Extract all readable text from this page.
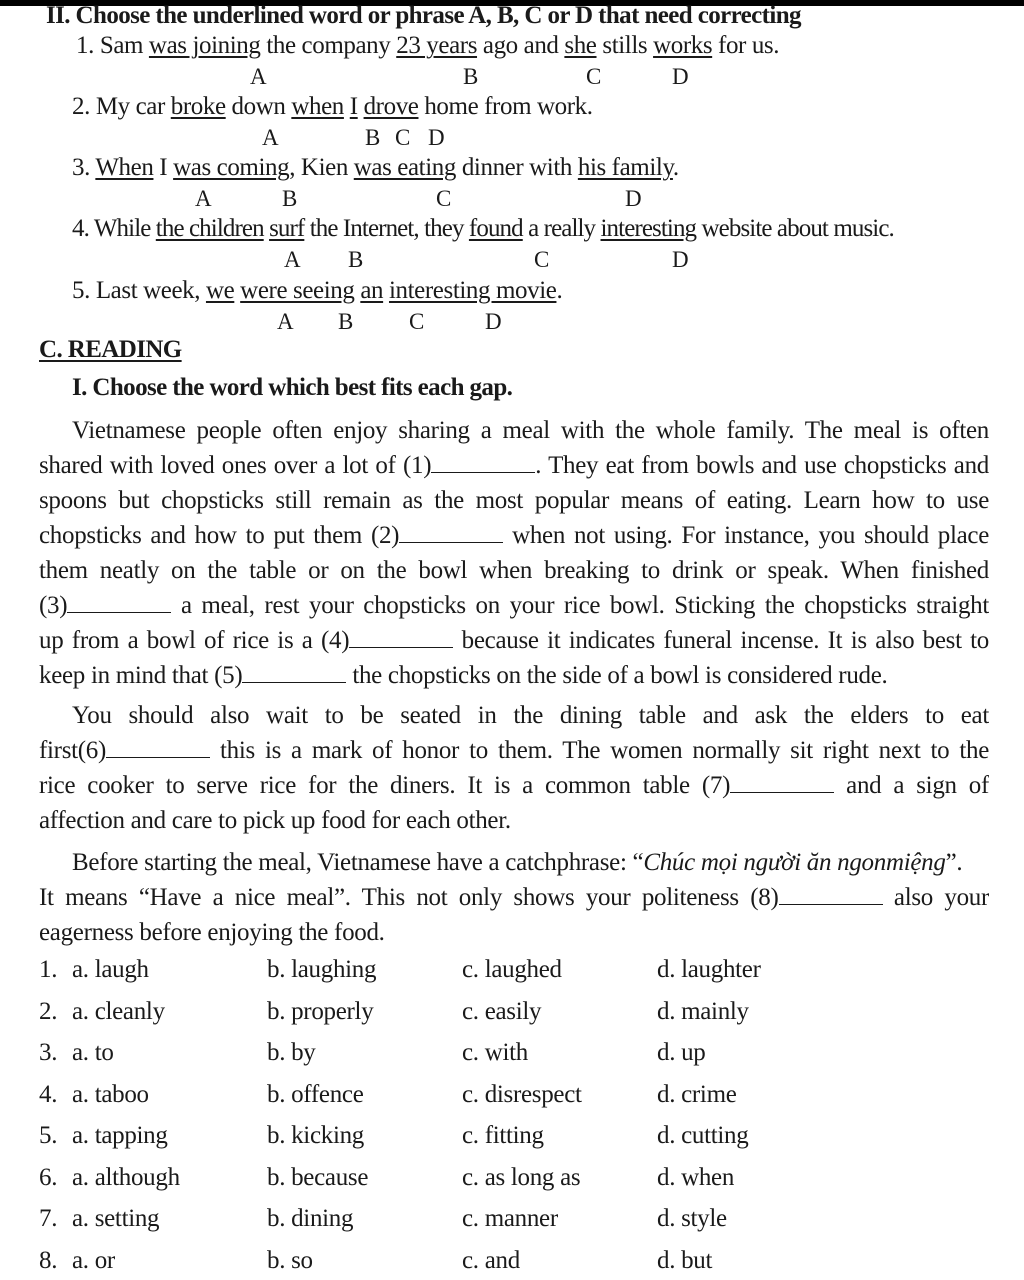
II. Choose the underlined word or phrase A, B, C or D that need correcting
1. Sam was joining the company 23 years ago and she stills works for us.
A	B	C	D
2. My car broke down when I drove home from work.
A	B C D
3. When I was coming, Kien was eating dinner with his family.
A	B	C	D
4. While the children surf the Internet, they found a really interesting website about music.
A B	C	D
5. Last week, we were seeing an interesting movie.
A B C	D
C. READING
I. Choose the word which best fits each gap.
Vietnamese people often enjoy sharing a meal with the whole family. The meal is often
shared with loved ones over a lot of (1)	. They eat from bowls and use chopsticks and
spoons but chopsticks still remain as the most popular means of eating. Learn how to use
chopsticks and how to put them (2)	when not using. For instance, you should place
them neatly on the table or on the bowl when breaking to drink or speak. When finished
(3)	a meal, rest your chopsticks on your rice bowl. Sticking the chopsticks straight
up from a bowl of rice is a (4)	because it indicates funeral incense. It is also best to
keep in mind that (5)	the chopsticks on the side of a bowl is considered rude.
You should also wait to be seated in the dining table and ask the elders to eat
first(6)	this is a mark of honor to them. The women normally sit right next to the
rice cooker to serve rice for the diners. It is a common table (7)	and a sign of
affection and care to pick up food for each other.
Before starting the meal, Vietnamese have a catchphrase: “Chúc mọi người ăn ngonmiệng”.
It means “Have a nice meal”. This not only shows your politeness (8)	also your
eagerness before enjoying the food.
1. a. laugh	b. laughing	c. laughed	d. laughter
2. a. cleanly	b. properly	c. easily	d. mainly
3. a. to	b. by	c. with	d. up
4. a. taboo	b. offence	c. disrespect	d. crime
5. a. tapping	b. kicking	c. fitting	d. cutting
6. a. although	b. because	c. as long as	d. when
7. a. setting	b. dining	c. manner	d. style
8. a. or	b. so	c. and	d. but
